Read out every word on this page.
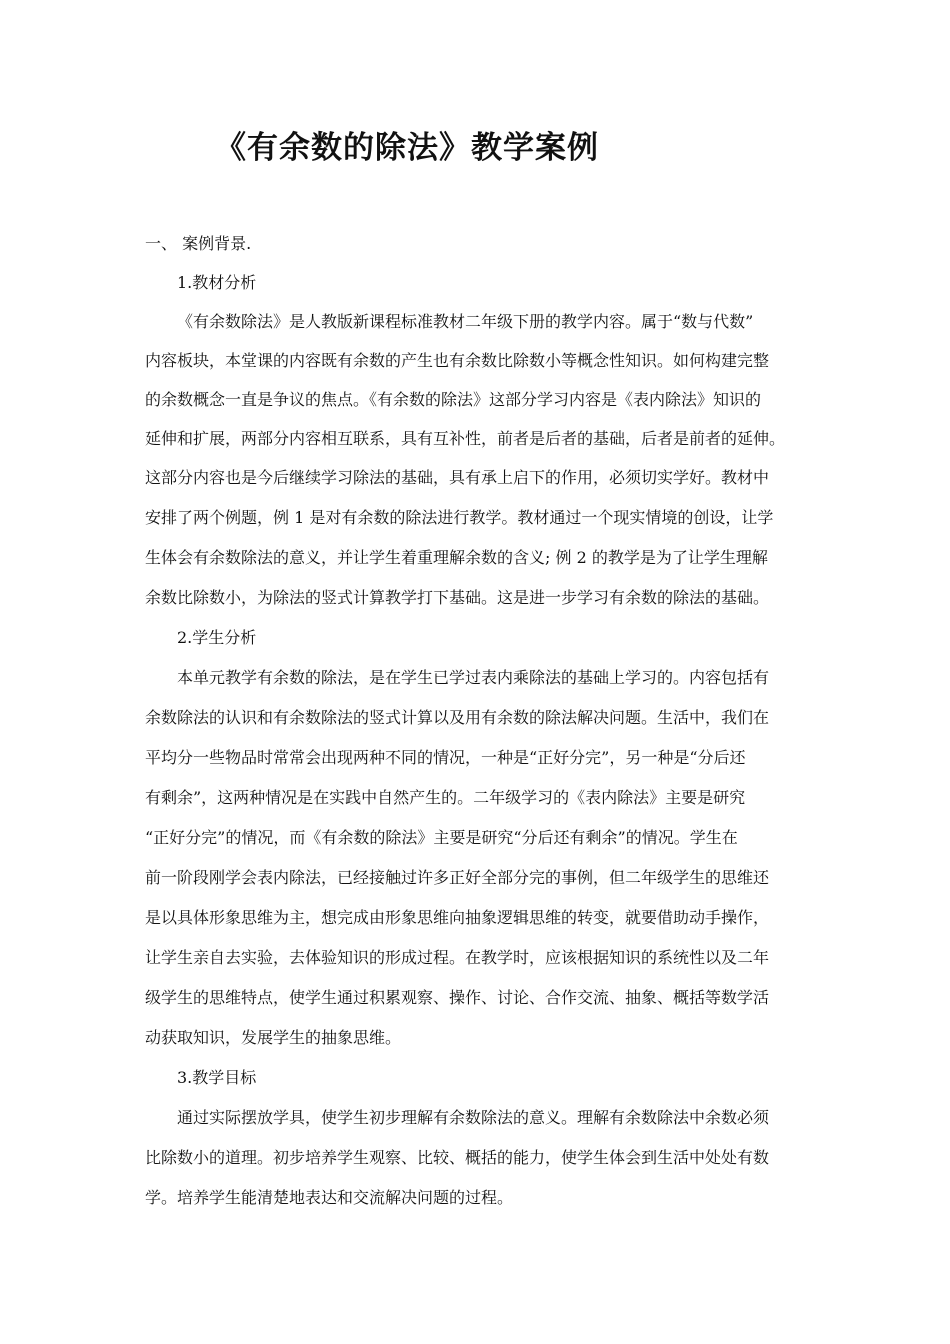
《有余数的除法》教学案例

一、 案例背景.

1.教材分析

《有余数除法》是人教版新课程标准教材二年级下册的教学内容。属于“数与代数”

内容板块，本堂课的内容既有余数的产生也有余数比除数小等概念性知识。如何构建完整

的余数概念一直是争议的焦点。《有余数的除法》这部分学习内容是《表内除法》知识的

延伸和扩展，两部分内容相互联系，具有互补性，前者是后者的基础，后者是前者的延伸。

这部分内容也是今后继续学习除法的基础，具有承上启下的作用，必须切实学好。教材中

安排了两个例题，例 1 是对有余数的除法进行教学。教材通过一个现实情境的创设，让学

生体会有余数除法的意义，并让学生着重理解余数的含义; 例 2 的教学是为了让学生理解

余数比除数小，为除法的竖式计算教学打下基础。这是进一步学习有余数的除法的基础。

2.学生分析

本单元教学有余数的除法，是在学生已学过表内乘除法的基础上学习的。内容包括有

余数除法的认识和有余数除法的竖式计算以及用有余数的除法解决问题。生活中，我们在

平均分一些物品时常常会出现两种不同的情况，一种是“正好分完”，另一种是“分后还

有剩余”，这两种情况是在实践中自然产生的。二年级学习的《表内除法》主要是研究

“正好分完”的情况，而《有余数的除法》主要是研究“分后还有剩余”的情况。学生在

前一阶段刚学会表内除法，已经接触过许多正好全部分完的事例，但二年级学生的思维还

是以具体形象思维为主，想完成由形象思维向抽象逻辑思维的转变，就要借助动手操作，

让学生亲自去实验，去体验知识的形成过程。在教学时，应该根据知识的系统性以及二年

级学生的思维特点，使学生通过积累观察、操作、讨论、合作交流、抽象、概括等数学活

动获取知识，发展学生的抽象思维。

3.教学目标

通过实际摆放学具，使学生初步理解有余数除法的意义。理解有余数除法中余数必须

比除数小的道理。初步培养学生观察、比较、概括的能力，使学生体会到生活中处处有数

学。培养学生能清楚地表达和交流解决问题的过程。
